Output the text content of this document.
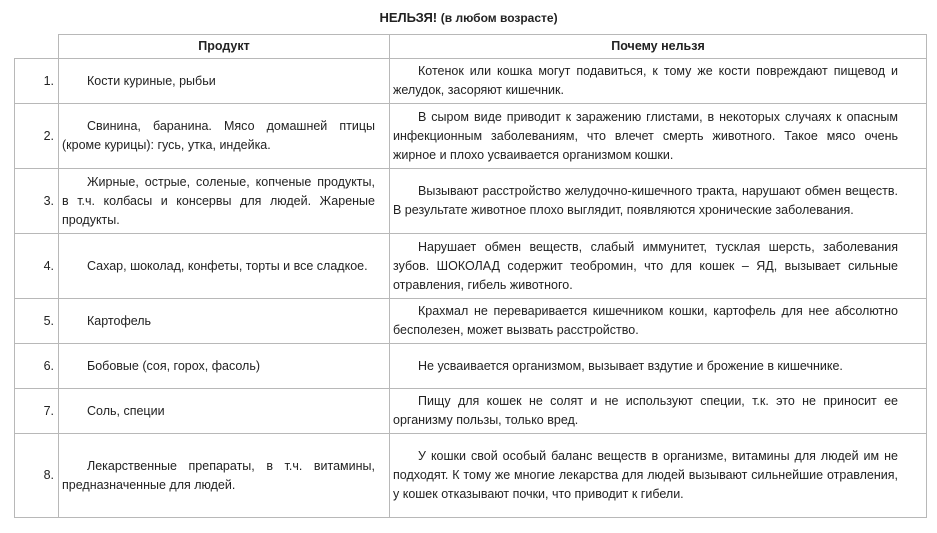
НЕЛЬЗЯ! (в любом возрасте)
	Продукт	Почему нельзя
1.	Кости куриные, рыбьи	Котенок или кошка могут подавиться, к тому же кости повреждают пищевод и желудок, засоряют кишечник.

2.	Свинина, баранина. Мясо домашней птицы (кроме курицы): гусь, утка, индейка.	В сыром виде приводит к заражению глистами, в некоторых случаях к опасным инфекционным заболеваниям, что влечет смерть животного. Такое мясо очень жирное и плохо усваивается организмом кошки.

3.	Жирные, острые, соленые, копченые продукты, в т.ч. колбасы и консервы для людей. Жареные продукты.	Вызывают расстройство желудочно-кишечного тракта, нарушают обмен веществ. В результате животное плохо выглядит, появляются хронические заболевания.

4.	Сахар, шоколад, конфеты, торты и все сладкое.	Нарушает обмен веществ, слабый иммунитет, тусклая шерсть, заболевания зубов. ШОКОЛАД содержит теобромин, что для кошек – ЯД, вызывает сильные отравления, гибель животного.

5.	Картофель	Крахмал не переваривается кишечником кошки, картофель для нее абсолютно бесполезен, может вызвать расстройство.

6.	Бобовые (соя, горох, фасоль)	Не усваивается организмом, вызывает вздутие и брожение в кишечнике.

7.	Соль, специи	Пищу для кошек не солят и не используют специи, т.к. это не приносит ее организму пользы, только вред.

8.	Лекарственные препараты, в т.ч. витамины, предназначенные для людей.	У кошки свой особый баланс веществ в организме, витамины для людей им не подходят. К тому же многие лекарства для людей вызывают сильнейшие отравления, у кошек отказывают почки, что приводит к гибели.
